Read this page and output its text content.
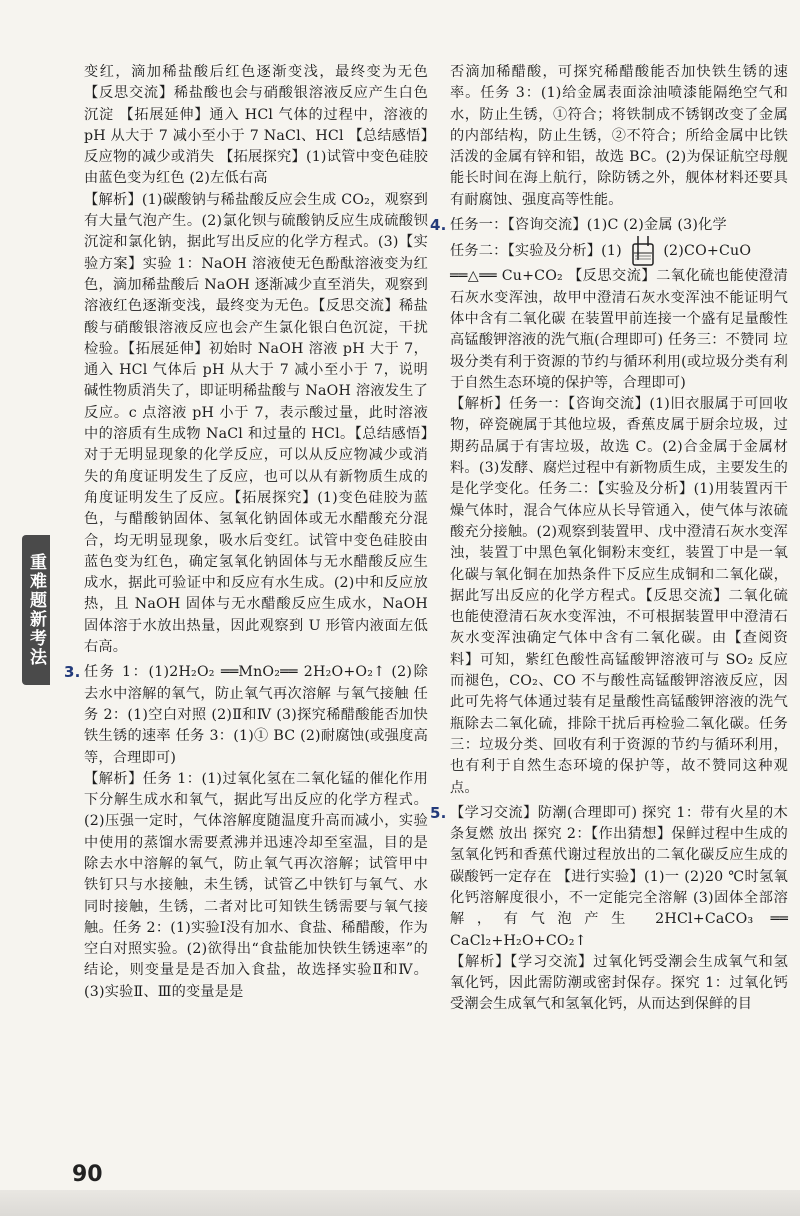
变红，滴加稀盐酸后红色逐渐变浅，最终变为无色【反思交流】稀盐酸也会与硝酸银溶液反应产生白色沉淀 【拓展延伸】通入 HCl 气体的过程中，溶液的 pH 从大于 7 减小至小于 7 NaCl、HCl 【总结感悟】反应物的减少或消失 【拓展探究】(1)试管中变色硅胶由蓝色变为红色 (2)左低右高

【解析】(1)碳酸钠与稀盐酸反应会生成 CO₂，观察到有大量气泡产生。(2)氯化钡与硫酸钠反应生成硫酸钡沉淀和氯化钠，据此写出反应的化学方程式。(3)【实验方案】实验 1：NaOH 溶液使无色酚酞溶液变为红色，滴加稀盐酸后 NaOH 逐渐减少直至消失，观察到溶液红色逐渐变浅，最终变为无色。【反思交流】稀盐酸与硝酸银溶液反应也会产生氯化银白色沉淀，干扰检验。【拓展延伸】初始时 NaOH 溶液 pH 大于 7，通入 HCl 气体后 pH 从大于 7 减小至小于 7，说明碱性物质消失了，即证明稀盐酸与 NaOH 溶液发生了反应。c 点溶液 pH 小于 7，表示酸过量，此时溶液中的溶质有生成物 NaCl 和过量的 HCl。【总结感悟】对于无明显现象的化学反应，可以从反应物减少或消失的角度证明发生了反应，也可以从有新物质生成的角度证明发生了反应。【拓展探究】(1)变色硅胶为蓝色，与醋酸钠固体、氢氧化钠固体或无水醋酸充分混合，均无明显现象，吸水后变红。试管中变色硅胶由蓝色变为红色，确定氢氧化钠固体与无水醋酸反应生成水，据此可验证中和反应有水生成。(2)中和反应放热，且 NaOH 固体与无水醋酸反应生成水，NaOH 固体溶于水放出热量，因此观察到 U 形管内液面左低右高。

3. 任务 1：(1)2H₂O₂ ══MnO₂══ 2H₂O+O₂↑ (2)除去水中溶解的氧气，防止氧气再次溶解 与氧气接触 任务 2：(1)空白对照 (2)Ⅱ和Ⅳ (3)探究稀醋酸能否加快铁生锈的速率 任务 3：(1)① BC (2)耐腐蚀(或强度高等，合理即可)

【解析】任务 1：(1)过氧化氢在二氧化锰的催化作用下分解生成水和氧气，据此写出反应的化学方程式。(2)压强一定时，气体溶解度随温度升高而减小，实验中使用的蒸馏水需要煮沸并迅速冷却至室温，目的是除去水中溶解的氧气，防止氧气再次溶解；试管甲中铁钉只与水接触，未生锈，试管乙中铁钉与氧气、水同时接触，生锈，二者对比可知铁生锈需要与氧气接触。任务 2：(1)实验Ⅰ没有加水、食盐、稀醋酸，作为空白对照实验。(2)欲得出“食盐能加快铁生锈速率”的结论，则变量是是否加入食盐，故选择实验Ⅱ和Ⅳ。(3)实验Ⅱ、Ⅲ的变量是是

否滴加稀醋酸，可探究稀醋酸能否加快铁生锈的速率。任务 3：(1)给金属表面涂油喷漆能隔绝空气和水，防止生锈，①符合；将铁制成不锈钢改变了金属的内部结构，防止生锈，②不符合；所给金属中比铁活泼的金属有锌和铝，故选 BC。(2)为保证航空母舰能长时间在海上航行，除防锈之外，舰体材料还要具有耐腐蚀、强度高等性能。

4. 任务一：【咨询交流】(1)C (2)金属 (3)化学

任务二：【实验及分析】(1)	(2)CO+CuO

══△══ Cu+CO₂ 【反思交流】二氧化硫也能使澄清石灰水变浑浊，故甲中澄清石灰水变浑浊不能证明气体中含有二氧化碳 在装置甲前连接一个盛有足量酸性高锰酸钾溶液的洗气瓶(合理即可) 任务三：不赞同 垃圾分类有利于资源的节约与循环利用(或垃圾分类有利于自然生态环境的保护等，合理即可)

【解析】任务一：【咨询交流】(1)旧衣服属于可回收物，碎瓷碗属于其他垃圾，香蕉皮属于厨余垃圾，过期药品属于有害垃圾，故选 C。(2)合金属于金属材料。(3)发酵、腐烂过程中有新物质生成，主要发生的是化学变化。任务二：【实验及分析】(1)用装置丙干燥气体时，混合气体应从长导管通入，使气体与浓硫酸充分接触。(2)观察到装置甲、戊中澄清石灰水变浑浊，装置丁中黑色氧化铜粉末变红，装置丁中是一氧化碳与氧化铜在加热条件下反应生成铜和二氧化碳，据此写出反应的化学方程式。【反思交流】二氧化硫也能使澄清石灰水变浑浊，不可根据装置甲中澄清石灰水变浑浊确定气体中含有二氧化碳。由【查阅资料】可知，紫红色酸性高锰酸钾溶液可与 SO₂ 反应而褪色，CO₂、CO 不与酸性高锰酸钾溶液反应，因此可先将气体通过装有足量酸性高锰酸钾溶液的洗气瓶除去二氧化硫，排除干扰后再检验二氧化碳。任务三：垃圾分类、回收有利于资源的节约与循环利用，也有利于自然生态环境的保护等，故不赞同这种观点。

5. 【学习交流】防潮(合理即可) 探究 1：带有火星的木条复燃 放出 探究 2：【作出猜想】保鲜过程中生成的氢氧化钙和香蕉代谢过程放出的二氧化碳反应生成的碳酸钙一定存在 【进行实验】(1)一 (2)20 ℃时氢氧化钙溶解度很小，不一定能完全溶解 (3)固体全部溶解，有气泡产生 2HCl+CaCO₃ ══ CaCl₂+H₂O+CO₂↑

【解析】【学习交流】过氧化钙受潮会生成氧气和氢氧化钙，因此需防潮或密封保存。探究 1：过氧化钙受潮会生成氧气和氢氧化钙，从而达到保鲜的目

重难题新考法
90
